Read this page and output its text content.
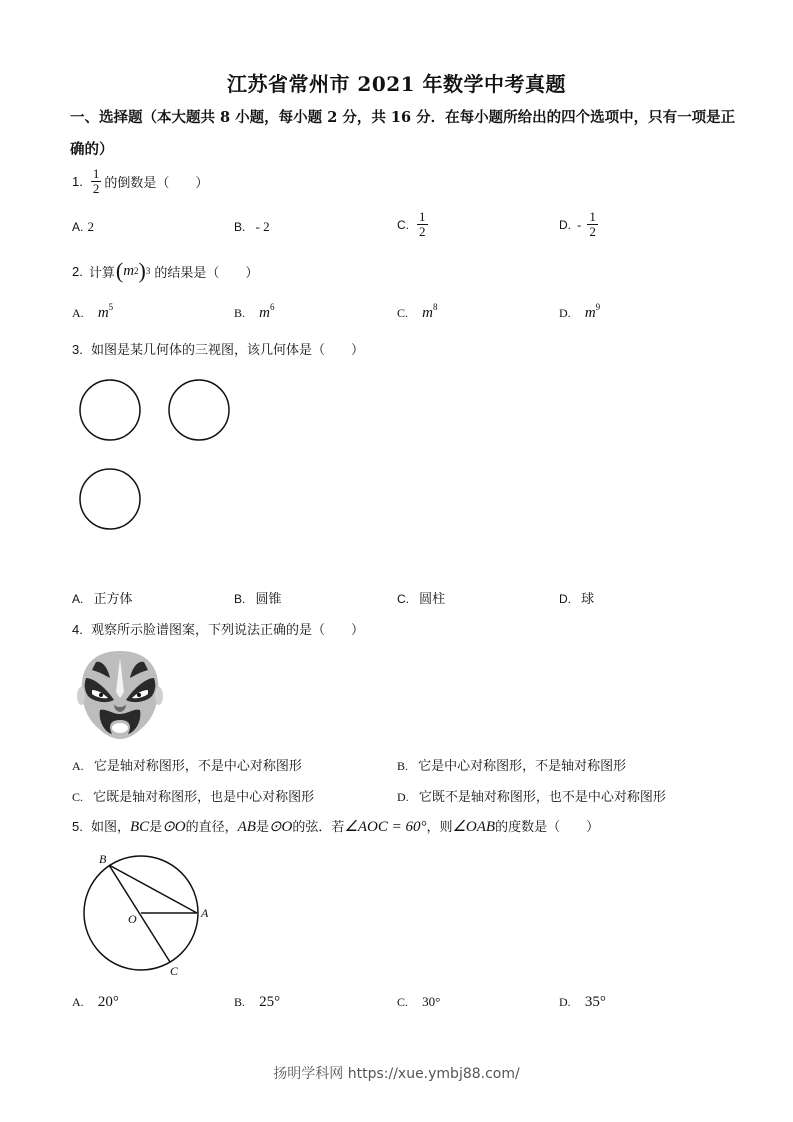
江苏省常州市 2021 年数学中考真题
一、选择题（本大题共 8 小题，每小题 2 分，共 16 分．在每小题所给出的四个选项中，只有一项是正确的）
1. $\frac{1}{2}$ 的倒数是（　　）
A. 2	B. - 2	C. $\frac{1}{2}$	D. - $\frac{1}{2}$
2. 计算 ( m 2 ) 3 的结果是（　　）
A. $m^5$	B. $m^6$	C. $m^8$	D. $m^9$
3. 如图是某几何体的三视图，该几何体是（　　）
A. 正方体	B. 圆锥	C. 圆柱	D. 球
4. 观察所示脸谱图案，下列说法正确的是（　　）
A. 它是轴对称图形，不是中心对称图形	B. 它是中心对称图形，不是轴对称图形
C. 它既是轴对称图形，也是中心对称图形	D. 它既不是轴对称图形，也不是中心对称图形
5. 如图，BC是⊙O的直径，AB是⊙O的弦．若∠AOC = 60°，则∠OAB的度数是（　　）
B
O	A
C
A. 20°	B. 25°	C. 30°	D. 35°
扬明学科网 https://xue.ymbj88.com/
